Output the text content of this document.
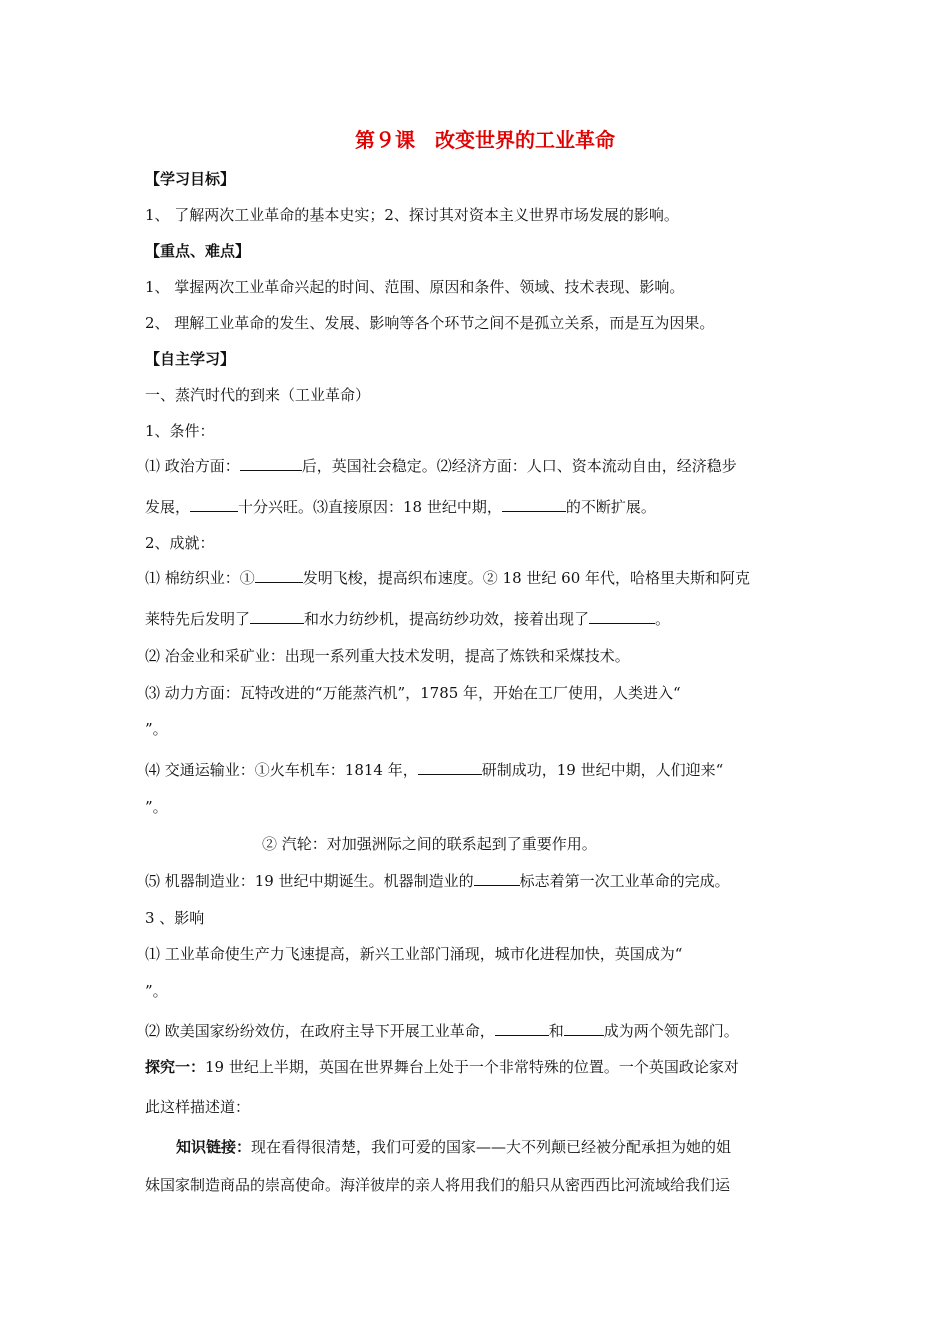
第９课　改变世界的工业革命
【学习目标】
1、 了解两次工业革命的基本史实；2、探讨其对资本主义世界市场发展的影响。
【重点、难点】
1、 掌握两次工业革命兴起的时间、范围、原因和条件、领域、技术表现、影响。
2、 理解工业革命的发生、发展、影响等各个环节之间不是孤立关系，而是互为因果。
【自主学习】
一、蒸汽时代的到来（工业革命）
1、条件：
⑴ 政治方面：	后，英国社会稳定。⑵经济方面：人口、资本流动自由，经济稳步
发展，	十分兴旺。⑶直接原因：18 世纪中期，	的不断扩展。
2、成就：
⑴ 棉纺织业：①	发明飞梭，提高织布速度。② 18 世纪 60 年代，哈格里夫斯和阿克
莱特先后发明了	和水力纺纱机，提高纺纱功效，接着出现了	。
⑵ 冶金业和采矿业：出现一系列重大技术发明，提高了炼铁和采煤技术。
⑶ 动力方面：瓦特改进的“万能蒸汽机”，1785 年，开始在工厂使用，人类进入“
”。
⑷ 交通运输业：①火车机车：1814 年，	研制成功，19 世纪中期，人们迎来“
”。
② 汽轮：对加强洲际之间的联系起到了重要作用。
⑸ 机器制造业：19 世纪中期诞生。机器制造业的	标志着第一次工业革命的完成。
3 、影响
⑴ 工业革命使生产力飞速提高，新兴工业部门涌现，城市化进程加快，英国成为“
”。
⑵ 欧美国家纷纷效仿，在政府主导下开展工业革命，	和	成为两个领先部门。
探究一：19 世纪上半期，英国在世界舞台上处于一个非常特殊的位置。一个英国政论家对
此这样描述道：
知识链接：现在看得很清楚，我们可爱的国家——大不列颠已经被分配承担为她的姐
妹国家制造商品的崇高使命。海洋彼岸的亲人将用我们的船只从密西西比河流域给我们运
